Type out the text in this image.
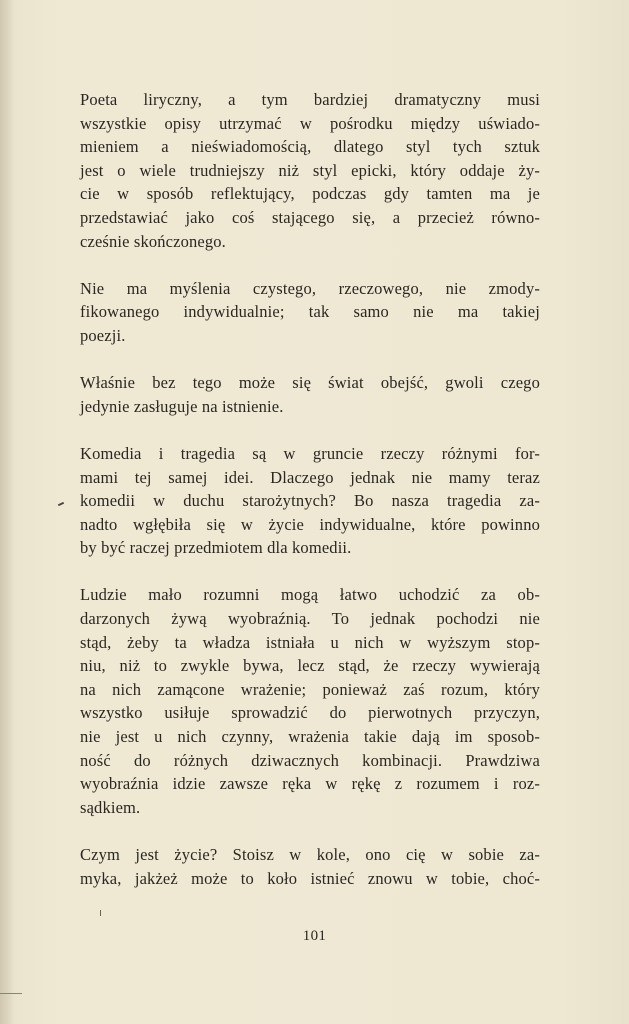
Poeta liryczny, a tym bardziej dramatyczny musi
wszystkie opisy utrzymać w pośrodku między uświado-
mieniem a nieświadomością, dlatego styl tych sztuk
jest o wiele trudniejszy niż styl epicki, który oddaje ży-
cie w sposób reflektujący, podczas gdy tamten ma je
przedstawiać jako coś stającego się, a przecież równo-
cześnie skończonego.
Nie ma myślenia czystego, rzeczowego, nie zmody-
fikowanego indywidualnie; tak samo nie ma takiej
poezji.
Właśnie bez tego może się świat obejść, gwoli czego
jedynie zasługuje na istnienie.
Komedia i tragedia są w gruncie rzeczy różnymi for-
mami tej samej idei. Dlaczego jednak nie mamy teraz
komedii w duchu starożytnych? Bo nasza tragedia za-
nadto wgłębiła się w życie indywidualne, które powinno
by być raczej przedmiotem dla komedii.
Ludzie mało rozumni mogą łatwo uchodzić za ob-
darzonych żywą wyobraźnią. To jednak pochodzi nie
stąd, żeby ta władza istniała u nich w wyższym stop-
niu, niż to zwykle bywa, lecz stąd, że rzeczy wywierają
na nich zamącone wrażenie; ponieważ zaś rozum, który
wszystko usiłuje sprowadzić do pierwotnych przyczyn,
nie jest u nich czynny, wrażenia takie dają im sposob-
ność do różnych dziwacznych kombinacji. Prawdziwa
wyobraźnia idzie zawsze ręka w rękę z rozumem i roz-
sądkiem.
Czym jest życie? Stoisz w kole, ono cię w sobie za-
myka, jakżeż może to koło istnieć znowu w tobie, choć-
101
